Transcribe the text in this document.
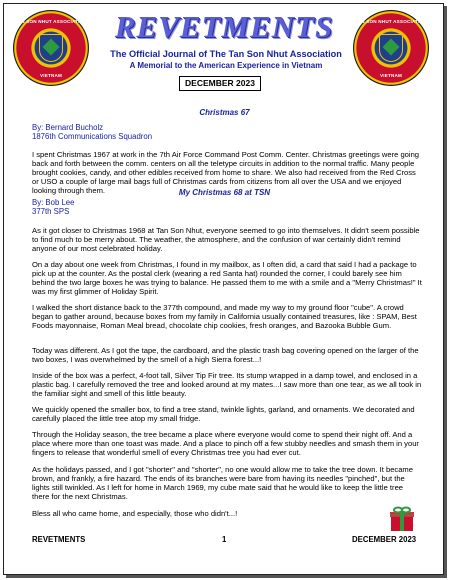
TAN SON NHUT ASSOCIATION
VIETNAM
TAN SON NHUT ASSOCIATION
VIETNAM
REVETMENTS
The Official Journal of The Tan Son Nhut Association
A Memorial to the American Experience in Vietnam
DECEMBER 2023
Christmas 67
By: Bernard Bucholz
1876th Communications Squadron
I spent Christmas 1967 at work in the 7th Air Force Command Post Comm. Center. Christmas greetings were going back and forth between the comm. centers on all the teletype circuits in addition to the normal traffic. Many people brought cookies, candy, and other edibles received from home to share. We also had received from the Red Cross or USO a couple of large mail bags full of Christmas cards from citizens from all over the USA and we enjoyed looking through them.	My Christmas 68 at TSN
By: Bob Lee
377th SPS
As it got closer to Christmas 1968 at Tan Son Nhut, everyone seemed to go into themselves. It didn't seem possible to find much to be merry about. The weather, the atmosphere, and the confusion of war certainly didn't remind anyone of our most celebrated holiday.
On a day about one week from Christmas, I found in my mailbox, as I often did, a card that said I had a package to pick up at the counter. As the postal clerk (wearing a red Santa hat) rounded the corner, I could barely see him behind the two large boxes he was trying to balance. He passed them to me with a smile and a "Merry Christmas!" It was my first glimmer of Holiday Spirit.
I walked the short distance back to the 377th compound, and made my way to my ground floor "cube". A crowd began to gather around, because boxes from my family in California usually contained treasures, like : SPAM, Best Foods mayonnaise, Roman Meal bread, chocolate chip cookies, fresh oranges, and Bazooka Bubble Gum.
Today was different. As I got the tape, the cardboard, and the plastic trash bag covering opened on the larger of the two boxes, I was overwhelmed by the smell of a high Sierra forest...!
Inside of the box was a perfect, 4-foot tall, Silver Tip Fir tree. Its stump wrapped in a damp towel, and enclosed in a plastic bag. I carefully removed the tree and looked around at my mates...I saw more than one tear, as we all took in the familiar sight and smell of this little beauty.
We quickly opened the smaller box, to find a tree stand, twinkle lights, garland, and ornaments. We decorated and carefully placed the little tree atop my small fridge.
Through the Holiday season, the tree became a place where everyone would come to spend their night off. And a place where more than one toast was made. And a place to pinch off a few stubby needles and smash them in your fingers to release that wonderful smell of every Christmas tree you had ever cut.
As the holidays passed, and I got "shorter" and "shorter", no one would allow me to take the tree down. It became brown, and frankly, a fire hazard. The ends of its branches were bare from having its needles "pinched", but the lights still twinkled. As I left for home in March 1969, my cube mate said that he would like to keep the little tree there for the next Christmas.
Bless all who came home, and especially, those who didn't...!
REVETMENTS	1	DECEMBER 2023
